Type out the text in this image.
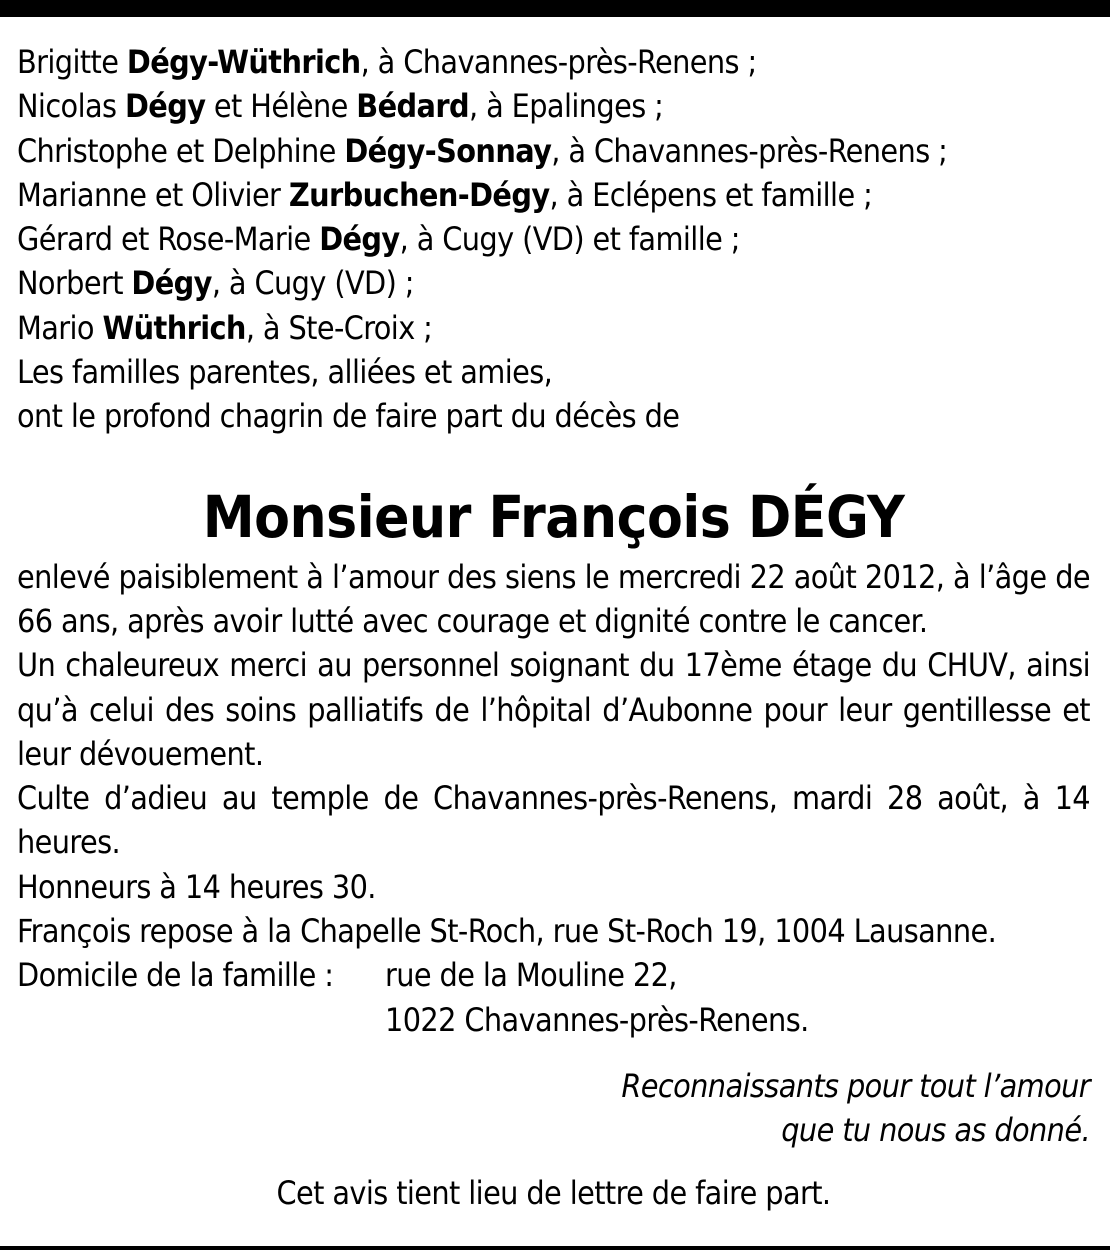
Brigitte Dégy-Wüthrich, à Chavannes-près-Renens ;
Nicolas Dégy et Hélène Bédard, à Epalinges ;
Christophe et Delphine Dégy-Sonnay, à Chavannes-près-Renens ;
Marianne et Olivier Zurbuchen-Dégy, à Eclépens et famille ;
Gérard et Rose-Marie Dégy, à Cugy (VD) et famille ;
Norbert Dégy, à Cugy (VD) ;
Mario Wüthrich, à Ste-Croix ;
Les familles parentes, alliées et amies,
ont le profond chagrin de faire part du décès de
Monsieur François DÉGY
enlevé paisiblement à l’amour des siens le mercredi 22 août 2012, à l’âge de 66 ans, après avoir lutté avec courage et dignité contre le cancer.
Un chaleureux merci au personnel soignant du 17ème étage du CHUV, ainsi qu’à celui des soins palliatifs de l’hôpital d’Aubonne pour leur gentillesse et leur dévouement.
Culte d’adieu au temple de Chavannes-près-Renens, mardi 28 août, à 14 heures.
Honneurs à 14 heures 30.
François repose à la Chapelle St-Roch, rue St-Roch 19, 1004 Lausanne.
Domicile de la famille :	rue de la Mouline 22,
1022 Chavannes-près-Renens.
Reconnaissants pour tout l’amour
que tu nous as donné.
Cet avis tient lieu de lettre de faire part.
